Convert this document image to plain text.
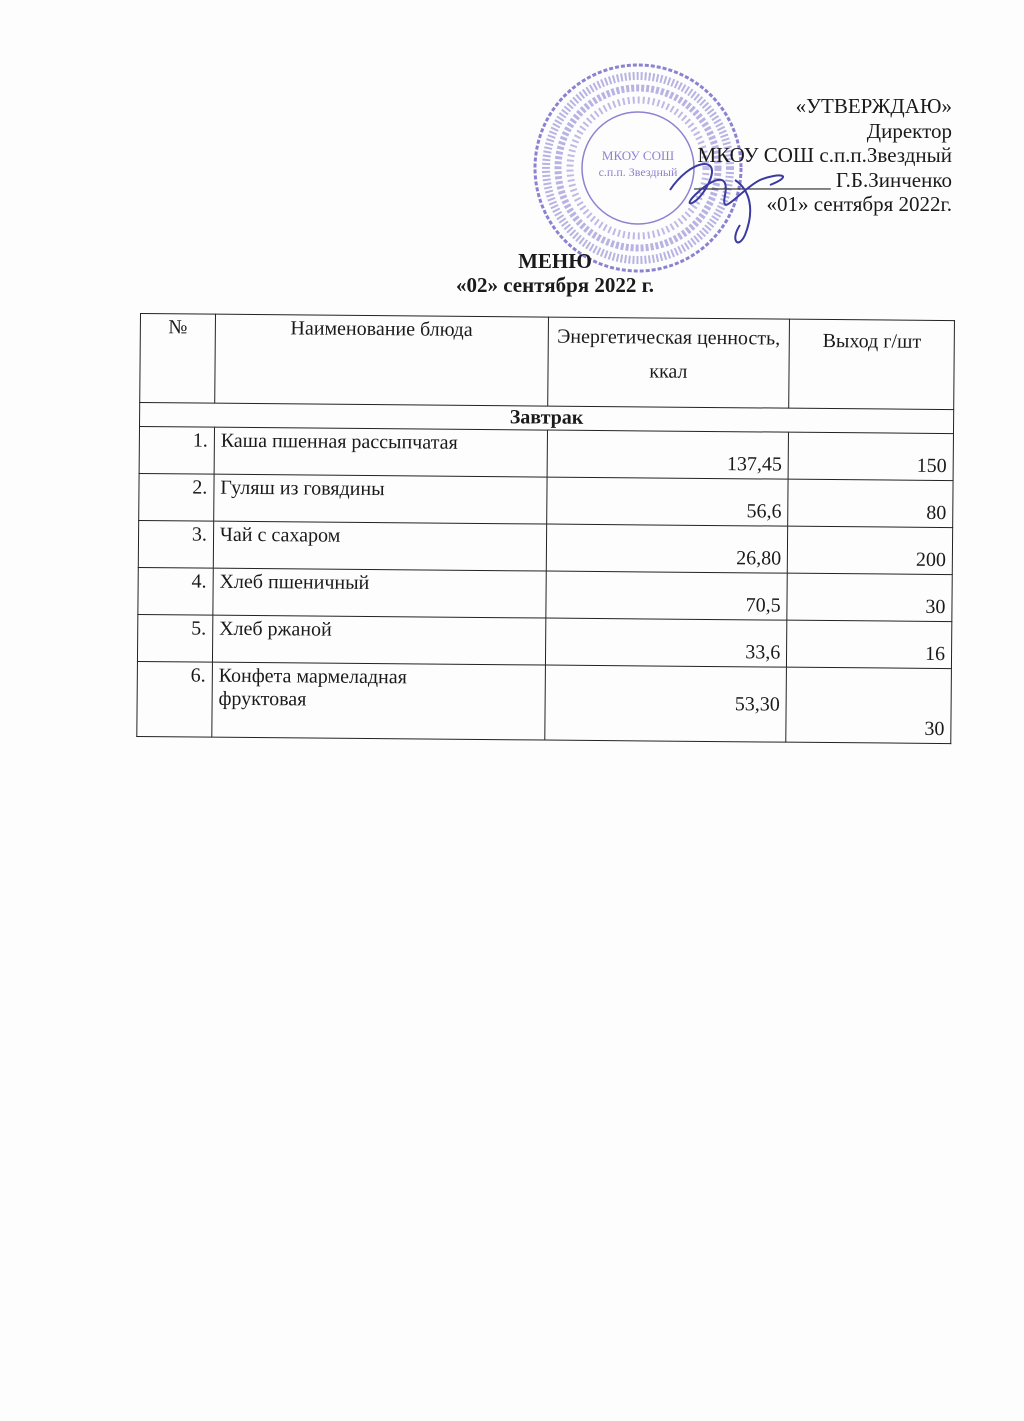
МКОУ СОШ
с.п.п. Звездный
«УТВЕРЖДАЮ»
Директор
МКОУ СОШ с.п.п.Звездный
_____________ Г.Б.Зинченко
«01» сентября 2022г.
МЕНЮ
«02» сентября 2022 г.
№	Наименование блюда	Энергетическая ценность, ккал	Выход г/шт
Завтрак			
1.	Каша пшенная рассыпчатая	137,45	150
2.	Гуляш из говядины	56,6	80
3.	Чай с сахаром	26,80	200
4.	Хлеб пшеничный	70,5	30
5.	Хлеб ржаной	33,6	16
6.	Конфета мармеладная фруктовая	53,30	30
